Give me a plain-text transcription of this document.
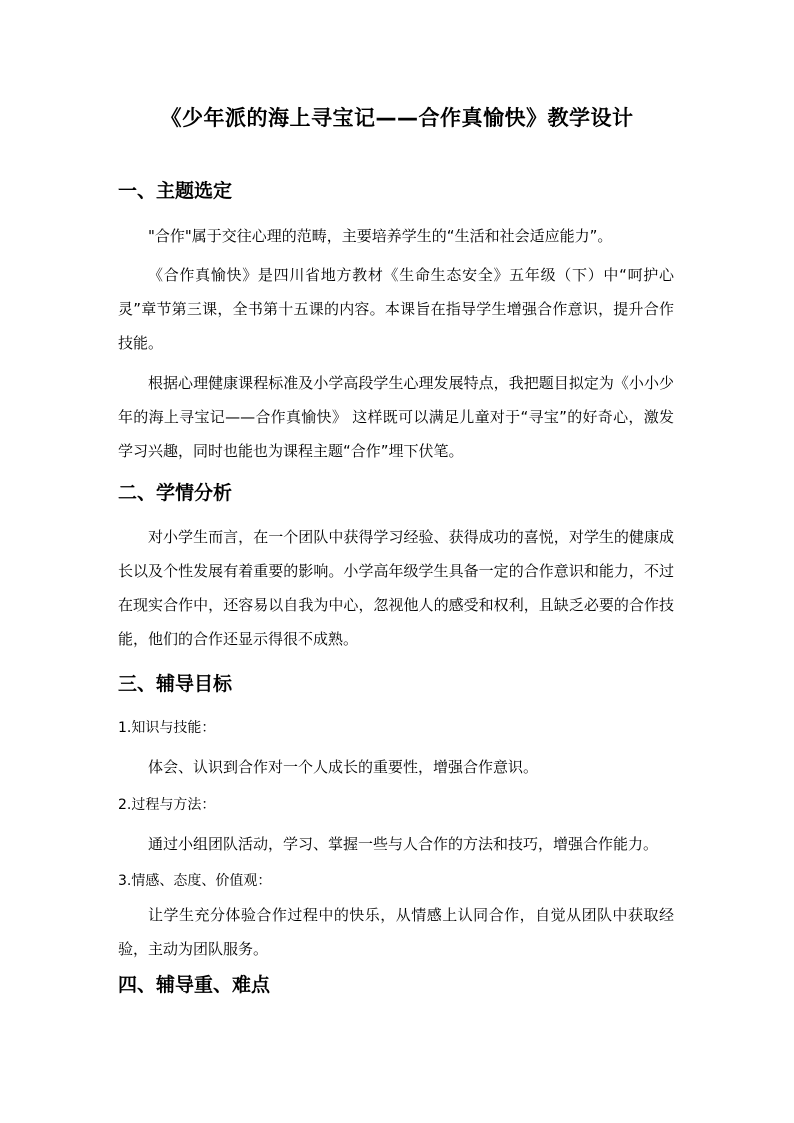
《少年派的海上寻宝记——合作真愉快》教学设计
一、主题选定
"合作"属于交往心理的范畴，主要培养学生的“生活和社会适应能力”。
《合作真愉快》是四川省地方教材《生命生态安全》五年级（下）中“呵护心灵”章节第三课，全书第十五课的内容。本课旨在指导学生增强合作意识，提升合作技能。
根据心理健康课程标准及小学高段学生心理发展特点，我把题目拟定为《小小少年的海上寻宝记——合作真愉快》 这样既可以满足儿童对于“寻宝”的好奇心，激发学习兴趣，同时也能也为课程主题“合作”埋下伏笔。
二、学情分析
对小学生而言，在一个团队中获得学习经验、获得成功的喜悦，对学生的健康成长以及个性发展有着重要的影响。小学高年级学生具备一定的合作意识和能力，不过在现实合作中，还容易以自我为中心，忽视他人的感受和权利，且缺乏必要的合作技能，他们的合作还显示得很不成熟。
三、辅导目标
1.知识与技能：
体会、认识到合作对一个人成长的重要性，增强合作意识。
2.过程与方法：
通过小组团队活动，学习、掌握一些与人合作的方法和技巧，增强合作能力。
3.情感、态度、价值观：
让学生充分体验合作过程中的快乐，从情感上认同合作，自觉从团队中获取经验，主动为团队服务。
四、辅导重、难点
